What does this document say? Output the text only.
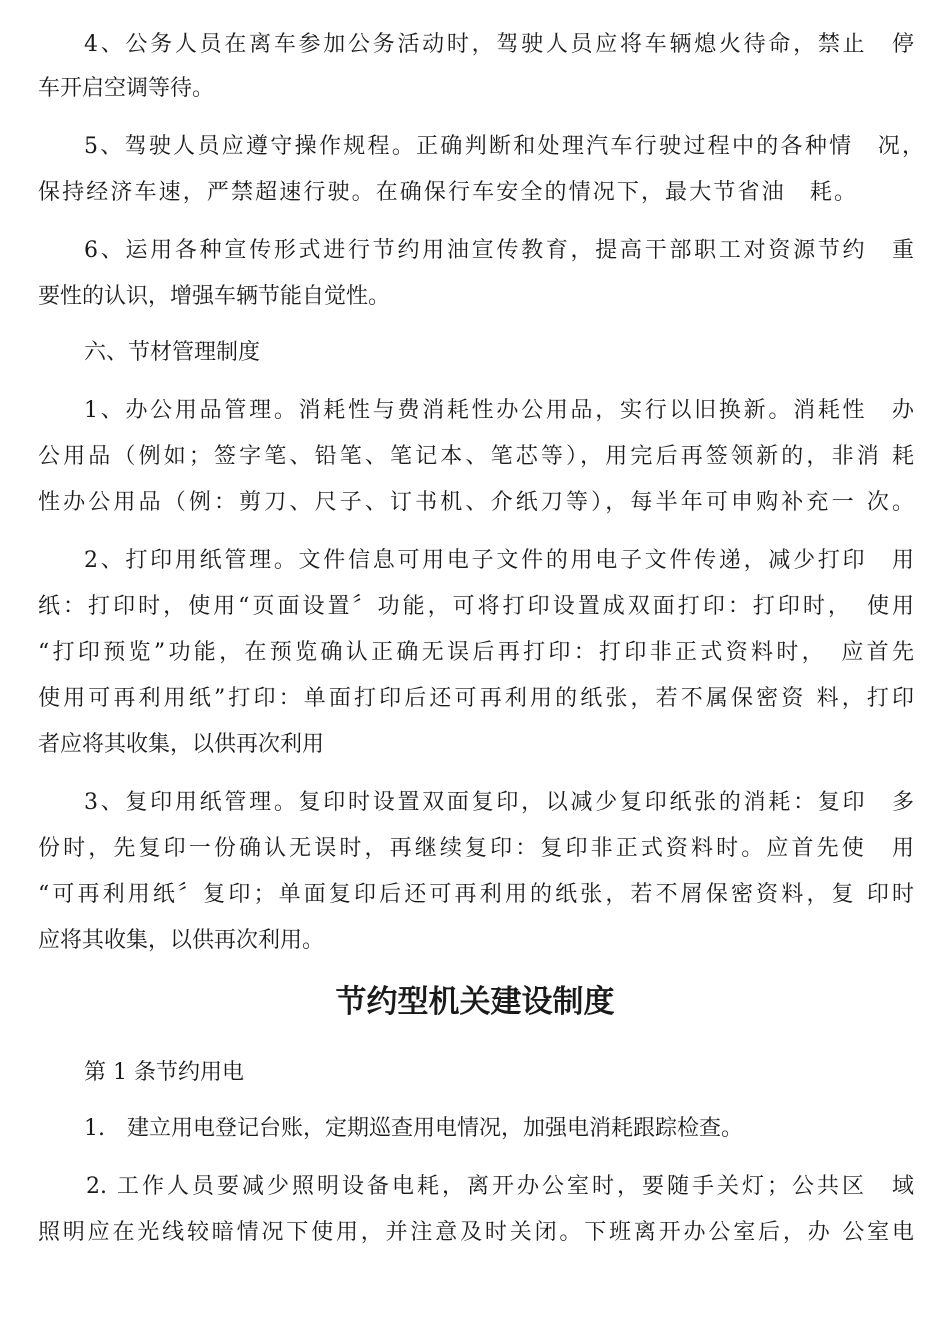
4、公务人员在离车参加公务活动时，驾驶人员应将车辆熄火待命，禁止　停
车开启空调等待。
5、驾驶人员应遵守操作规程。正确判断和处理汽车行驶过程中的各种情　况，
保持经济车速，严禁超速行驶。在确保行车安全的情况下，最大节省油　耗。
6、运用各种宣传形式进行节约用油宣传教育，提高干部职工对资源节约　重
要性的认识，增强车辆节能自觉性。
六、节材管理制度
1、办公用品管理。消耗性与费消耗性办公用品，实行以旧换新。消耗性　办
公用品（例如；签字笔、铅笔、笔记本、笔芯等），用完后再签领新的，非消 耗
性办公用品（例：剪刀、尺子、订书机、介纸刀等），每半年可申购补充一 次。
2、打印用纸管理。文件信息可用电子文件的用电子文件传递，减少打印　用
纸：打印时，使用“页面设置〞功能，可将打印设置成双面打印：打印时，　使用
“打印预览”功能，在预览确认正确无误后再打印：打印非正式资料时，　应首先
使用可再利用纸”打印：单面打印后还可再利用的纸张，若不属保密资 料，打印
者应将其收集，以供再次利用
3、复印用纸管理。复印时设置双面复印，以减少复印纸张的消耗：复印　多
份时，先复印一份确认无误时，再继续复印：复印非正式资料时。应首先使　用
“可再利用纸〞复印；单面复印后还可再利用的纸张，若不屑保密资料，复 印时
应将其收集，以供再次利用。
节约型机关建设制度
第 1 条节约用电
1.　建立用电登记台账，定期巡查用电情况，加强电消耗跟踪检查。
2. 工作人员要减少照明设备电耗，离开办公室时，要随手关灯；公共区　域
照明应在光线较暗情况下使用，并注意及时关闭。下班离开办公室后，办 公室电
